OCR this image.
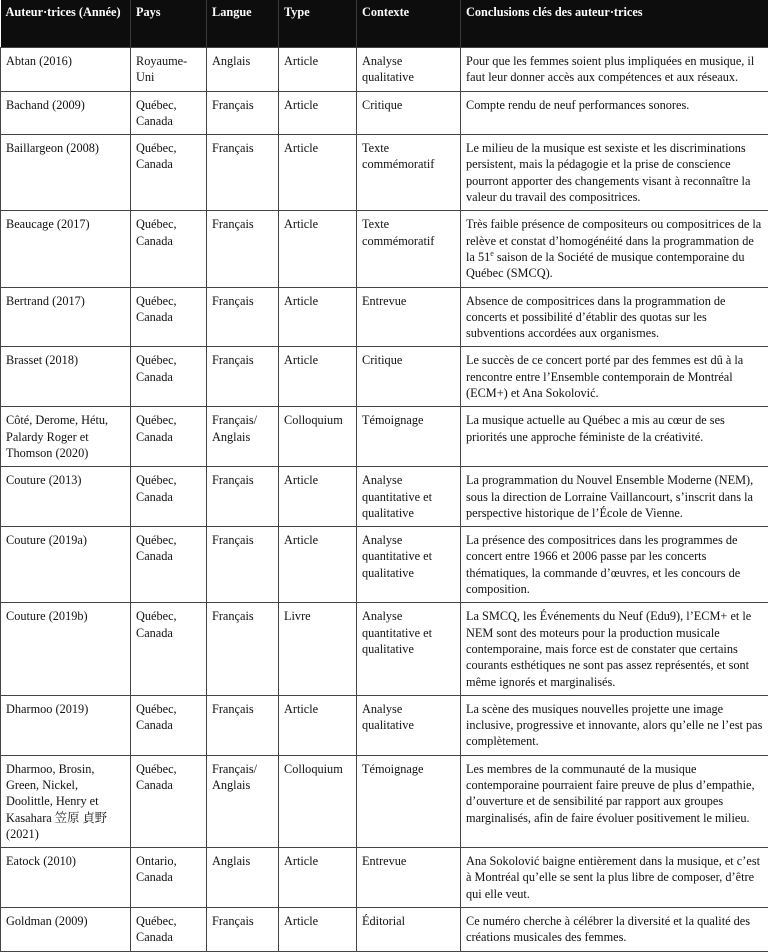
Auteur·trices (Année)	Pays	Langue	Type	Contexte	Conclusions clés des auteur·trices
Abtan (2016)	Royaume-Uni	Anglais	Article	Analyse qualitative	Pour que les femmes soient plus impliquées en musique, il faut leur donner accès aux compétences et aux réseaux.
Bachand (2009)	Québec, Canada	Français	Article	Critique	Compte rendu de neuf performances sonores.
Baillargeon (2008)	Québec, Canada	Français	Article	Texte commémoratif	Le milieu de la musique est sexiste et les discriminations persistent, mais la pédagogie et la prise de conscience pourront apporter des changements visant à reconnaître la valeur du travail des compositrices.
Beaucage (2017)	Québec, Canada	Français	Article	Texte commémoratif	Très faible présence de compositeurs ou compositrices de la relève et constat d’homogénéité dans la programmation de la 51e saison de la Société de musique contemporaine du Québec (SMCQ).
Bertrand (2017)	Québec, Canada	Français	Article	Entrevue	Absence de compositrices dans la programmation de concerts et possibilité d’établir des quotas sur les subventions accordées aux organismes.
Brasset (2018)	Québec, Canada	Français	Article	Critique	Le succès de ce concert porté par des femmes est dû à la rencontre entre l’Ensemble contemporain de Montréal (ECM+) et Ana Sokolović.
Côté, Derome, Hétu, Palardy Roger et Thomson (2020)	Québec, Canada	Français/ Anglais	Colloquium	Témoignage	La musique actuelle au Québec a mis au cœur de ses priorités une approche féministe de la créativité.
Couture (2013)	Québec, Canada	Français	Article	Analyse quantitative et qualitative	La programmation du Nouvel Ensemble Moderne (NEM), sous la direction de Lorraine Vaillancourt, s’inscrit dans la perspective historique de l’École de Vienne.
Couture (2019a)	Québec, Canada	Français	Article	Analyse quantitative et qualitative	La présence des compositrices dans les programmes de concert entre 1966 et 2006 passe par les concerts thématiques, la commande d’œuvres, et les concours de composition.
Couture (2019b)	Québec, Canada	Français	Livre	Analyse quantitative et qualitative	La SMCQ, les Événements du Neuf (Edu9), l’ECM+ et le NEM sont des moteurs pour la production musicale contemporaine, mais force est de constater que certains courants esthétiques ne sont pas assez représentés, et sont même ignorés et marginalisés.
Dharmoo (2019)	Québec, Canada	Français	Article	Analyse qualitative	La scène des musiques nouvelles projette une image inclusive, progressive et innovante, alors qu’elle ne l’est pas complètement.
Dharmoo, Brosin, Green, Nickel, Doolittle, Henry et Kasahara 笠原 貞野 (2021)	Québec, Canada	Français/ Anglais	Colloquium	Témoignage	Les membres de la communauté de la musique contemporaine pourraient faire preuve de plus d’empathie, d’ouverture et de sensibilité par rapport aux groupes marginalisés, afin de faire évoluer positivement le milieu.
Eatock (2010)	Ontario, Canada	Anglais	Article	Entrevue	Ana Sokolović baigne entièrement dans la musique, et c’est à Montréal qu’elle se sent la plus libre de composer, d’être qui elle veut.
Goldman (2009)	Québec, Canada	Français	Article	Éditorial	Ce numéro cherche à célébrer la diversité et la qualité des créations musicales des femmes.
